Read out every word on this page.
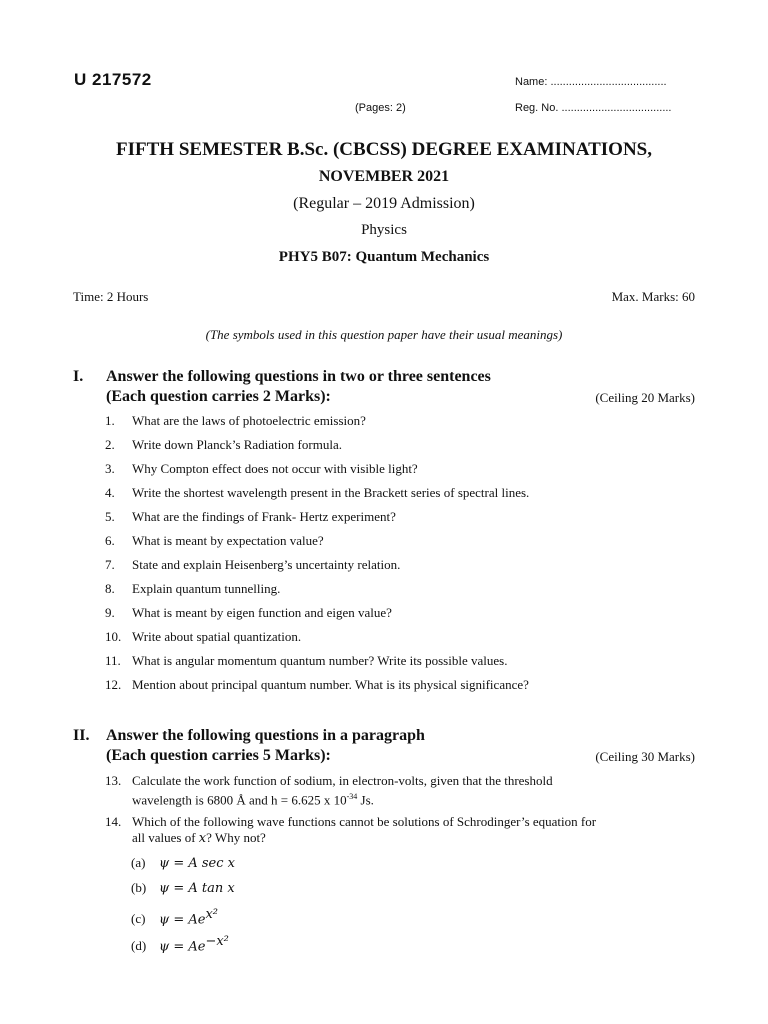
U 217572	Name: ......................................
(Pages: 2)	Reg. No. ....................................
FIFTH SEMESTER B.Sc. (CBCSS) DEGREE EXAMINATIONS,
NOVEMBER 2021
(Regular – 2019 Admission)
Physics
PHY5 B07: Quantum Mechanics
Time: 2 Hours	Max. Marks: 60
(The symbols used in this question paper have their usual meanings)
I. Answer the following questions in two or three sentences
(Each question carries 2 Marks):	(Ceiling 20 Marks)
1. What are the laws of photoelectric emission?
2. Write down Planck’s Radiation formula.
3. Why Compton effect does not occur with visible light?
4. Write the shortest wavelength present in the Brackett series of spectral lines.
5. What are the findings of Frank- Hertz experiment?
6. What is meant by expectation value?
7. State and explain Heisenberg’s uncertainty relation.
8. Explain quantum tunnelling.
9. What is meant by eigen function and eigen value?
10. Write about spatial quantization.
11. What is angular momentum quantum number? Write its possible values.
12. Mention about principal quantum number. What is its physical significance?
II. Answer the following questions in a paragraph
(Each question carries 5 Marks):	(Ceiling 30 Marks)
13. Calculate the work function of sodium, in electron-volts, given that the threshold
wavelength is 6800 Å and h = 6.625 x $10^{-34}$ Js.
14. Which of the following wave functions cannot be solutions of Schrodinger’s equation for
all values of x? Why not?
(a) ψ = A sec x
(b) ψ = A tan x
(c) $\psi = Ae^{x^2}$
(d) $\psi = Ae^{-x^2}$
